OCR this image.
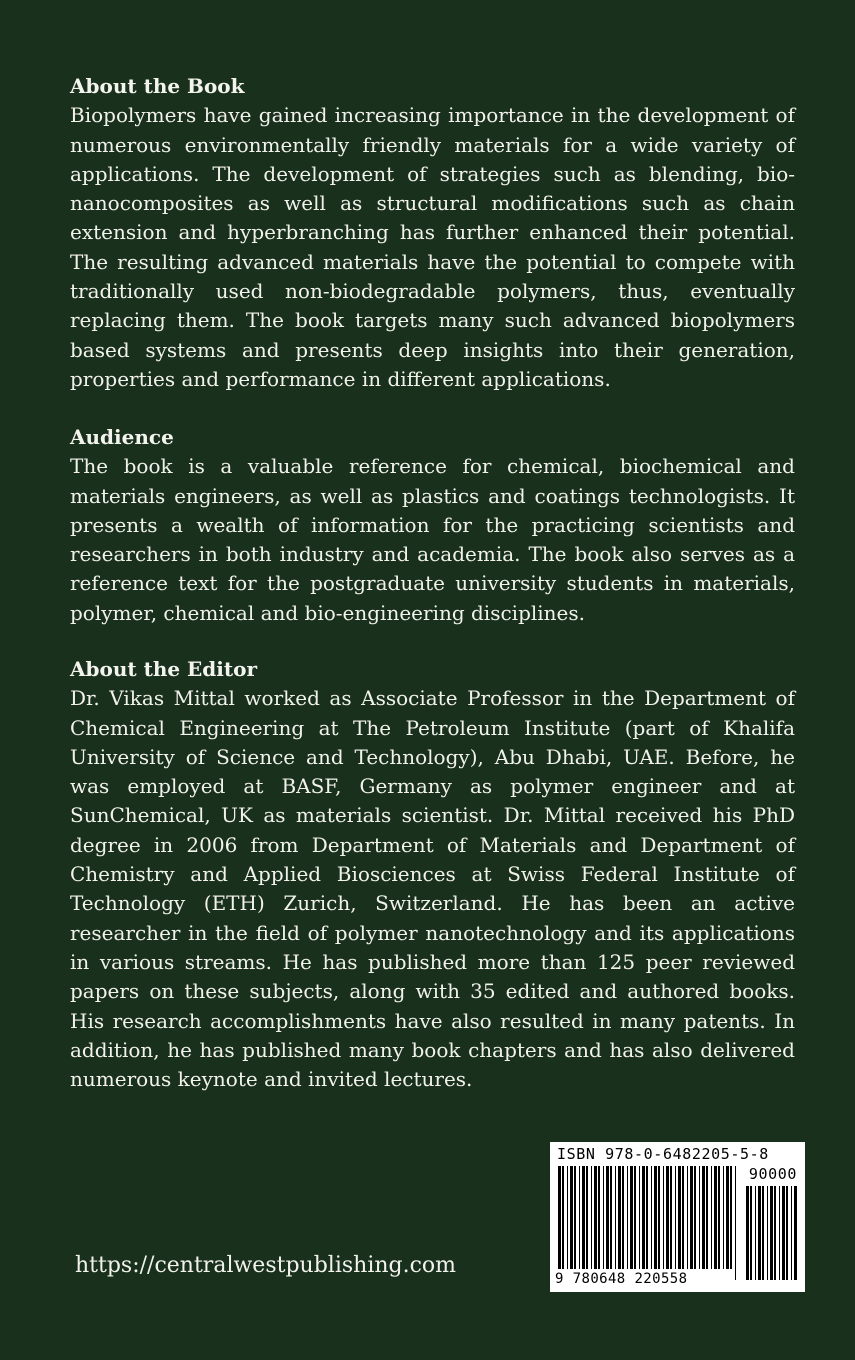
About the Book

Biopolymers have gained increasing importance in the development of numerous environmentally friendly materials for a wide variety of applications. The development of strategies such as blending, bio-nanocomposites as well as structural modifications such as chain extension and hyperbranching has further enhanced their potential. The resulting advanced materials have the potential to compete with traditionally used non-biodegradable polymers, thus, eventually replacing them. The book targets many such advanced biopolymers based systems and presents deep insights into their generation, properties and performance in different applications.

Audience

The book is a valuable reference for chemical, biochemical and materials engineers, as well as plastics and coatings technologists. It presents a wealth of information for the practicing scientists and researchers in both industry and academia. The book also serves as a reference text for the postgraduate university students in materials, polymer, chemical and bio-engineering disciplines.

About the Editor

Dr. Vikas Mittal worked as Associate Professor in the Department of Chemical Engineering at The Petroleum Institute (part of Khalifa University of Science and Technology), Abu Dhabi, UAE. Before, he was employed at BASF, Germany as polymer engineer and at SunChemical, UK as materials scientist. Dr. Mittal received his PhD degree in 2006 from Department of Materials and Department of Chemistry and Applied Biosciences at Swiss Federal Institute of Technology (ETH) Zurich, Switzerland. He has been an active researcher in the field of polymer nanotechnology and its applications in various streams. He has published more than 125 peer reviewed papers on these subjects, along with 35 edited and authored books. His research accomplishments have also resulted in many patents. In addition, he has published many book chapters and has also delivered numerous keynote and invited lectures.

https://centralwestpublishing.com
ISBN 978-0-6482205-5-8
90000
9 780648 220558
